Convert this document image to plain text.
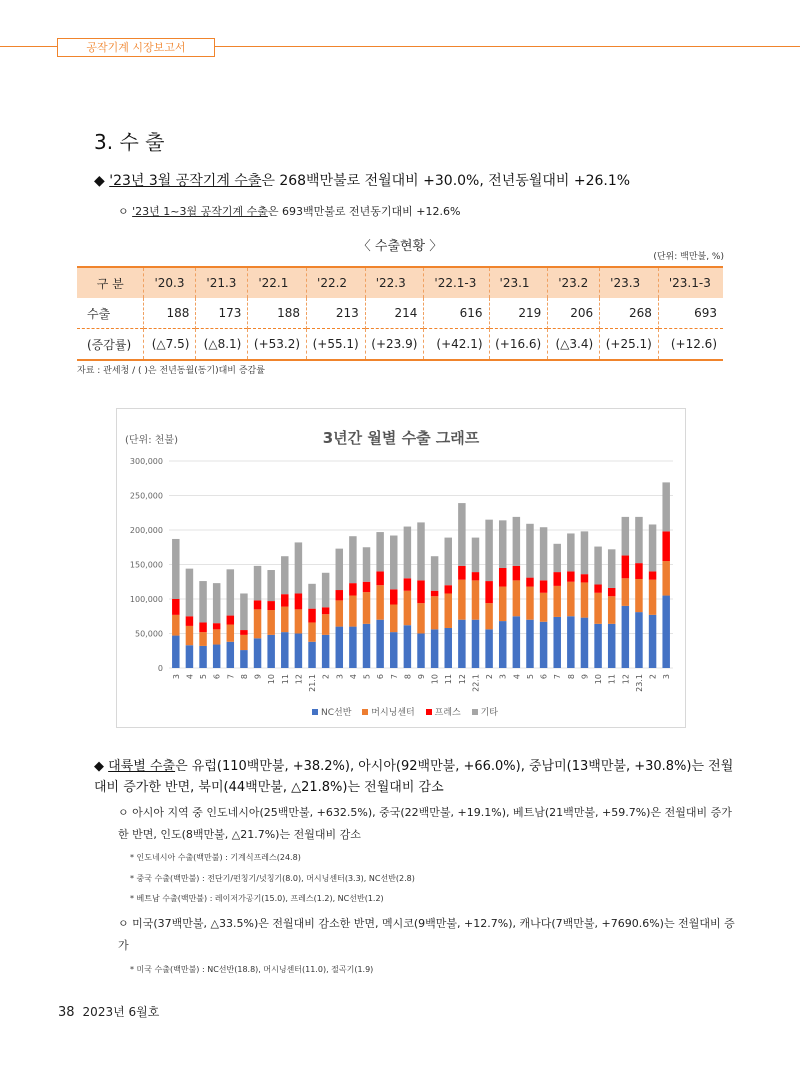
공작기계 시장보고서
3. 수 출
◆ '23년 3월 공작기계 수출은 268백만불로 전월대비 +30.0%, 전년동월대비 +26.1%
ㅇ '23년 1~3월 공작기계 수출은 693백만불로 전년동기대비 +12.6%
〈 수출현황 〉
(단위: 백만불, %)
구 분	'20.3	'21.3	'22.1	'22.2	'22.3	'22.1-3	'23.1	'23.2	'23.3	'23.1-3
수출	188	173	188	213	214	616	219	206	268	693
(증감률)	(△7.5)	(△8.1)	(+53.2)	(+55.1)	(+23.9)	(+42.1)	(+16.6)	(△3.4)	(+25.1)	(+12.6)
자료 : 관세청 / ( )은 전년동월(동기)대비 증감률
(단위: 천불)	3년간 월별 수출 그래프
0
50,000
100,000
150,000
200,000
250,000
300,000
3 4 5 6 7 8 9 10 11 12 21.1 2 3 4 5 6 7 8 9 10 11 12 22.1 2 3 4 5 6 7 8 9 10 11 12 23.1 2 3
NC선반 머시닝센터 프레스 기타
◆ 대륙별 수출은 유럽(110백만불, +38.2%), 아시아(92백만불, +66.0%), 중남미(13백만불, +30.8%)는 전월대비 증가한 반면, 북미(44백만불, △21.8%)는 전월대비 감소
ㅇ 아시아 지역 중 인도네시아(25백만불, +632.5%), 중국(22백만불, +19.1%), 베트남(21백만불, +59.7%)은 전월대비 증가한 반면, 인도(8백만불, △21.7%)는 전월대비 감소
* 인도네시아 수출(백만불) : 기계식프레스(24.8)
* 중국 수출(백만불) : 전단기/펀칭기/넛칭기(8.0), 머시닝센터(3.3), NC선반(2.8)
* 베트남 수출(백만불) : 레이저가공기(15.0), 프레스(1.2), NC선반(1.2)
ㅇ 미국(37백만불, △33.5%)은 전월대비 감소한 반면, 멕시코(9백만불, +12.7%), 캐나다(7백만불, +7690.6%)는 전월대비 증가
* 미국 수출(백만불) : NC선반(18.8), 머시닝센터(11.0), 절곡기(1.9)
38 2023년 6월호
